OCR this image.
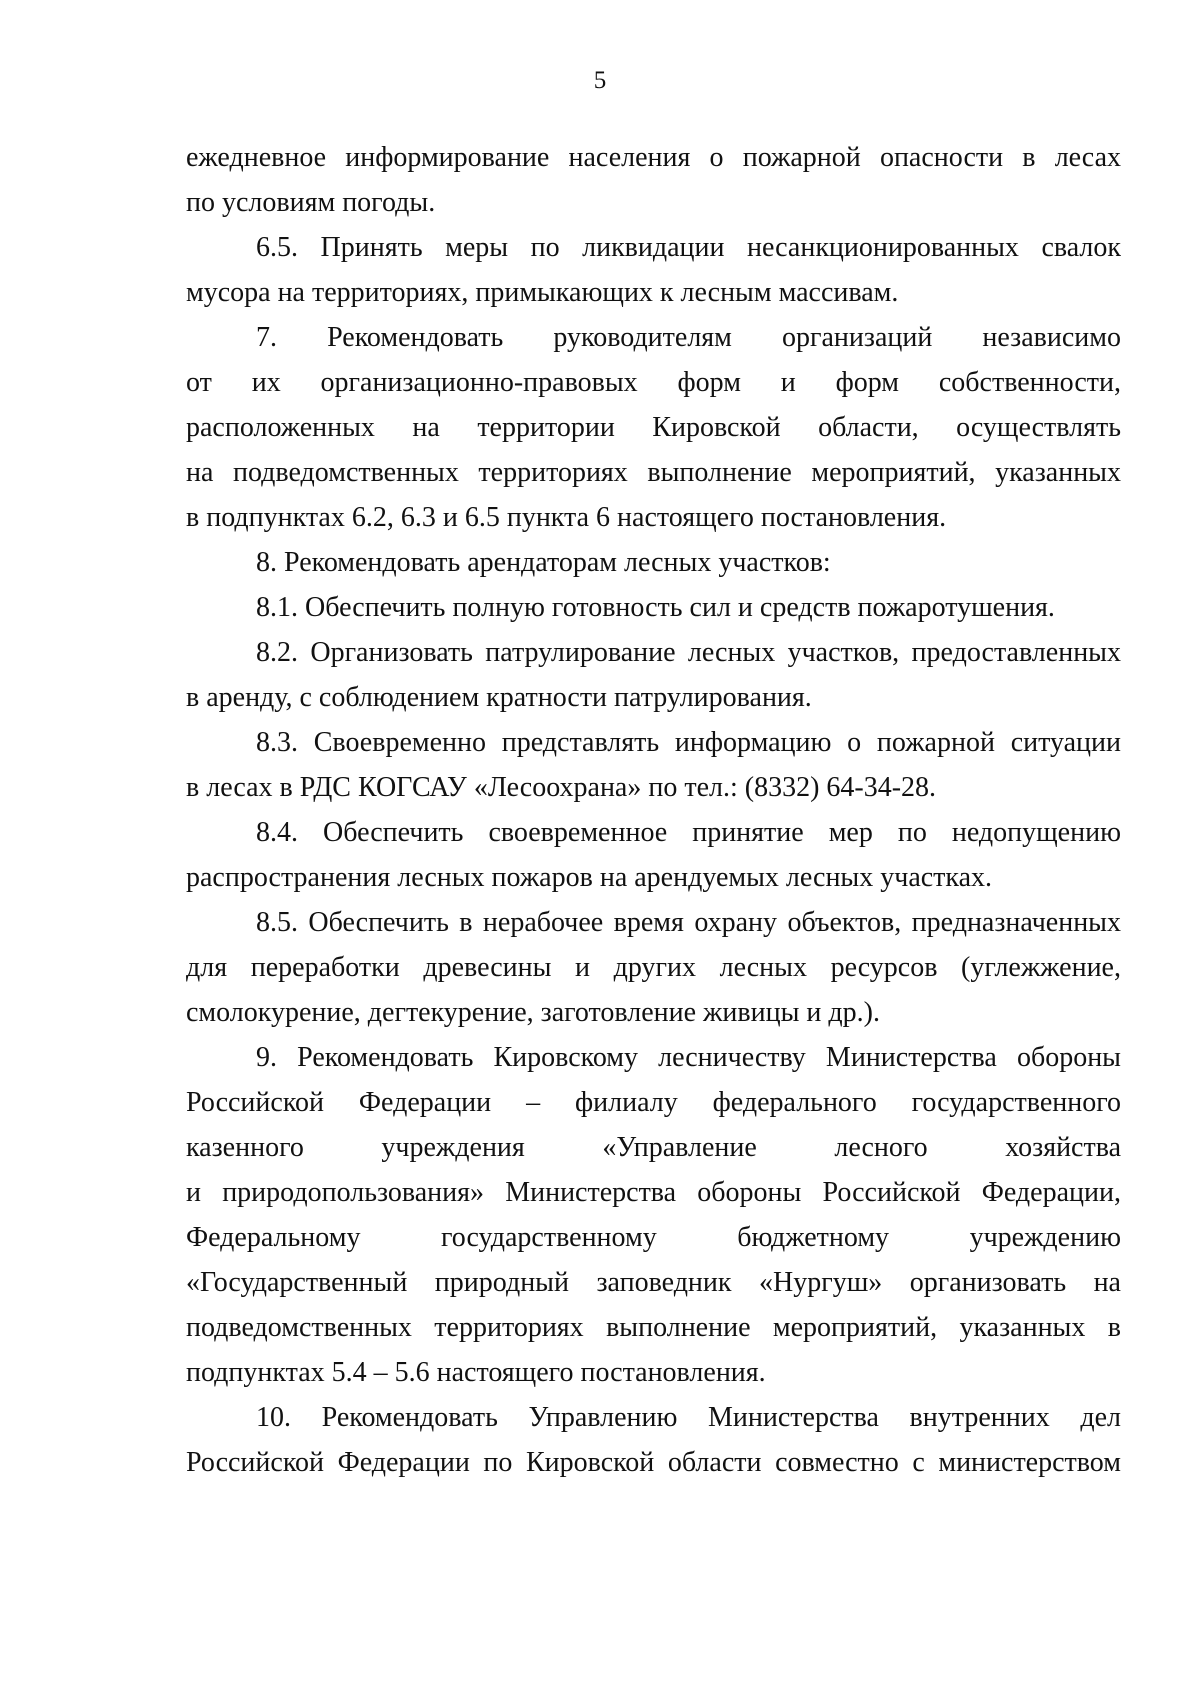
5
ежедневное информирование населения о пожарной опасности в лесах
по условиям погоды.
6.5. Принять меры по ликвидации несанкционированных свалок
мусора на территориях, примыкающих к лесным массивам.
7. Рекомендовать руководителям организаций независимо
от их организационно-правовых форм и форм собственности,
расположенных на территории Кировской области, осуществлять
на подведомственных территориях выполнение мероприятий, указанных
в подпунктах 6.2, 6.3 и 6.5 пункта 6 настоящего постановления.
8. Рекомендовать арендаторам лесных участков:
8.1. Обеспечить полную готовность сил и средств пожаротушения.
8.2. Организовать патрулирование лесных участков, предоставленных
в аренду, с соблюдением кратности патрулирования.
8.3. Своевременно представлять информацию о пожарной ситуации
в лесах в РДС КОГСАУ «Лесоохрана» по тел.: (8332) 64-34-28.
8.4. Обеспечить своевременное принятие мер по недопущению
распространения лесных пожаров на арендуемых лесных участках.
8.5. Обеспечить в нерабочее время охрану объектов, предназначенных
для переработки древесины и других лесных ресурсов (углежжение,
смолокурение, дегтекурение, заготовление живицы и др.).
9. Рекомендовать Кировскому лесничеству Министерства обороны
Российской Федерации – филиалу федерального государственного
казенного учреждения «Управление лесного хозяйства
и природопользования» Министерства обороны Российской Федерации,
Федеральному государственному бюджетному учреждению
«Государственный природный заповедник «Нургуш» организовать на
подведомственных территориях выполнение мероприятий, указанных в
подпунктах 5.4 – 5.6 настоящего постановления.
10. Рекомендовать Управлению Министерства внутренних дел
Российской Федерации по Кировской области совместно с министерством
